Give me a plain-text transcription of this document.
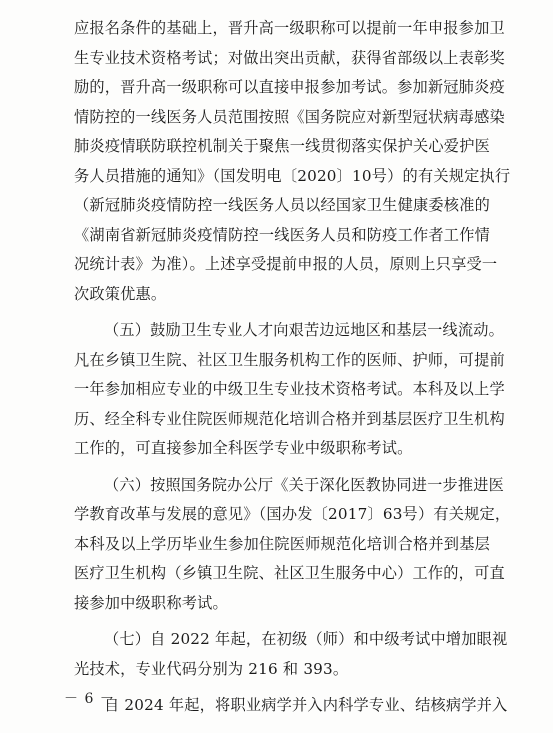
应报名条件的基础上，晋升高一级职称可以提前一年申报参加卫
生专业技术资格考试；对做出突出贡献，获得省部级以上表彰奖
励的，晋升高一级职称可以直接申报参加考试。参加新冠肺炎疫
情防控的一线医务人员范围按照《国务院应对新型冠状病毒感染
肺炎疫情联防联控机制关于聚焦一线贯彻落实保护关心爱护医
务人员措施的通知》（国发明电〔2020〕10号）的有关规定执行
（新冠肺炎疫情防控一线医务人员以经国家卫生健康委核准的
《湖南省新冠肺炎疫情防控一线医务人员和防疫工作者工作情
况统计表》为准）。上述享受提前申报的人员，原则上只享受一
次政策优惠。

（五）鼓励卫生专业人才向艰苦边远地区和基层一线流动。
凡在乡镇卫生院、社区卫生服务机构工作的医师、护师，可提前
一年参加相应专业的中级卫生专业技术资格考试。本科及以上学
历、经全科专业住院医师规范化培训合格并到基层医疗卫生机构
工作的，可直接参加全科医学专业中级职称考试。

（六）按照国务院办公厅《关于深化医教协同进一步推进医
学教育改革与发展的意见》（国办发〔2017〕63号）有关规定，
本科及以上学历毕业生参加住院医师规范化培训合格并到基层
医疗卫生机构（乡镇卫生院、社区卫生服务中心）工作的，可直
接参加中级职称考试。

（七）自 2022 年起，在初级（师）和中级考试中增加眼视
光技术，专业代码分别为 216 和 393。

自 2024 年起，将职业病学并入内科学专业、结核病学并入

－ 6 －
